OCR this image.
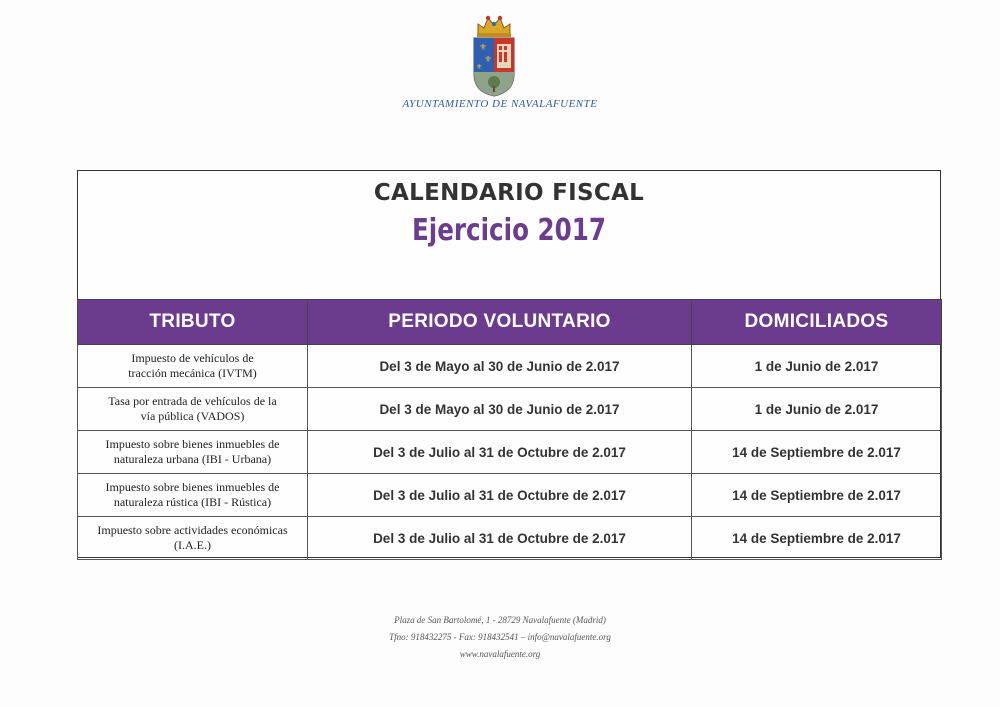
⚜
⚜
⚜
AYUNTAMIENTO DE NAVALAFUENTE
CALENDARIO FISCAL
Ejercicio 2017
TRIBUTO	PERIODO VOLUNTARIO	DOMICILIADOS
Impuesto de vehículos de
tracción mecánica (IVTM)	Del 3 de Mayo al 30 de Junio de 2.017	1 de Junio de 2.017
Tasa por entrada de vehículos de la
vía pública (VADOS)	Del 3 de Mayo al 30 de Junio de 2.017	1 de Junio de 2.017
Impuesto sobre bienes inmuebles de
naturaleza urbana (IBI - Urbana)	Del 3 de Julio al 31 de Octubre de 2.017	14 de Septiembre de 2.017
Impuesto sobre bienes inmuebles de
naturaleza rústica (IBI - Rústica)	Del 3 de Julio al 31 de Octubre de 2.017	14 de Septiembre de 2.017
Impuesto sobre actividades económicas
(I.A.E.)	Del 3 de Julio al 31 de Octubre de 2.017	14 de Septiembre de 2.017
Plaza de San Bartolomé, 1 - 28729 Navalafuente (Madrid)
Tfno: 918432275 - Fax: 918432541 – info@navalafuente.org
www.navalafuente.org
